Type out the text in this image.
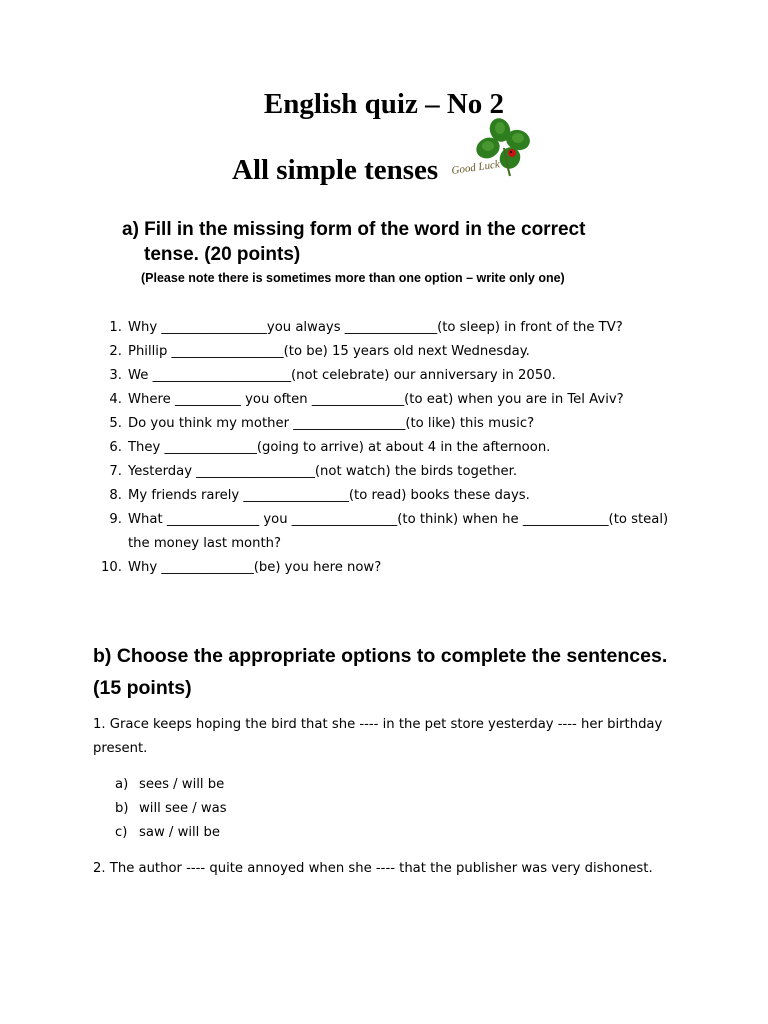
English quiz – No 2
All simple tenses Good Luck
a) Fill in the missing form of the word in the correct
tense. (20 points)
(Please note there is sometimes more than one option – write only one)
1. Why ________________you always ______________(to sleep) in front of the TV?
2. Phillip _________________(to be) 15 years old next Wednesday.
3. We _____________________(not celebrate) our anniversary in 2050.
4. Where __________ you often ______________(to eat) when you are in Tel Aviv?
5. Do you think my mother _________________(to like) this music?
6. They ______________(going to arrive) at about 4 in the afternoon.
7. Yesterday __________________(not watch) the birds together.
8. My friends rarely ________________(to read) books these days.
9. What ______________ you ________________(to think) when he _____________(to steal) the money last month?
10. Why ______________(be) you here now?
b) Choose the appropriate options to complete the sentences. (15 points)
1. Grace keeps hoping the bird that she ---- in the pet store yesterday ---- her birthday present.
a) sees / will be
b) will see / was
c) saw / will be
2. The author ---- quite annoyed when she ---- that the publisher was very dishonest.
